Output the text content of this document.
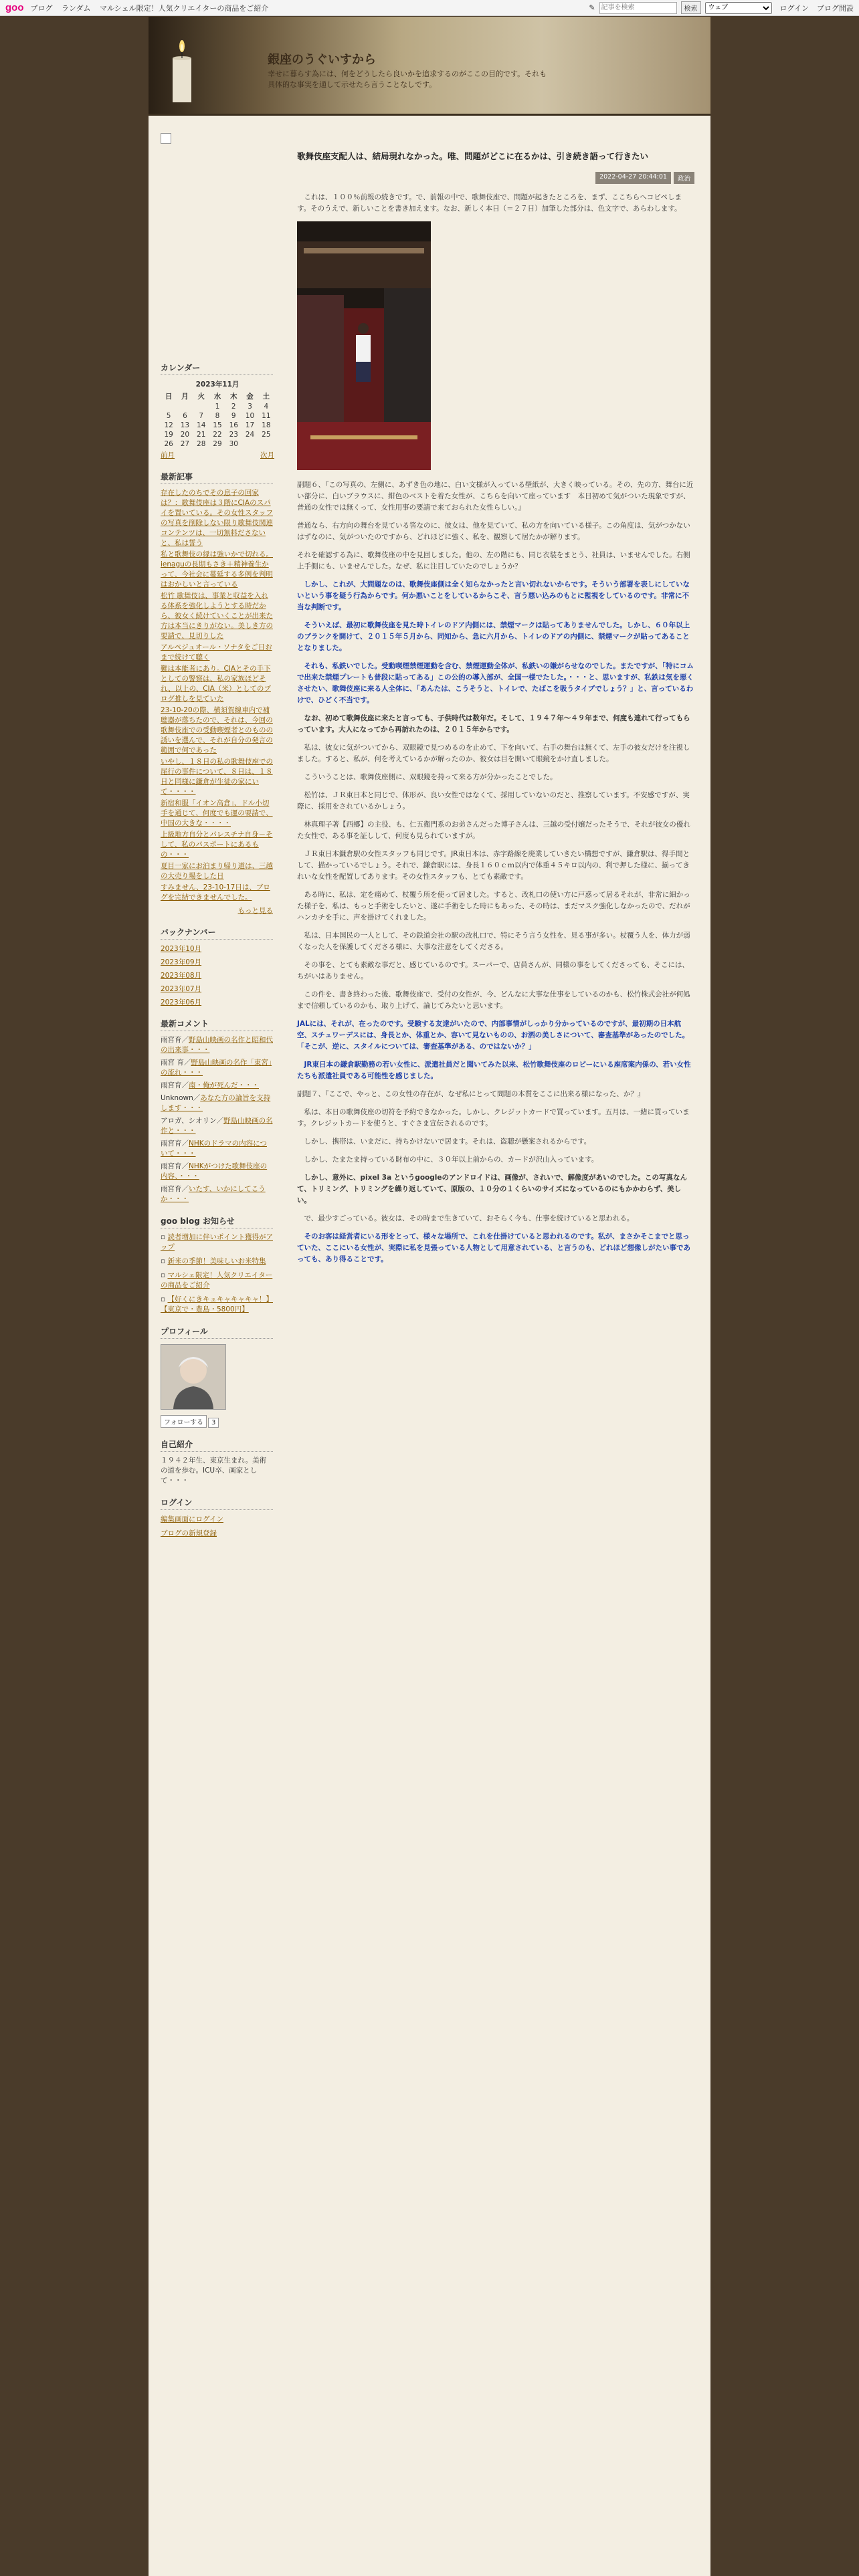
goo ブログ ランダム マルシェル限定！人気クリエイターの商品をご紹介	✎
記事を検索	検索
ウェブ	ログイン ブログ開設
銀座のうぐいすから
幸せに暮らす為には、何をどうしたら良いかを追求するのがここの目的です。それも具体的な事実を通して示せたら言うことなしです。
カレンダー
2023年11月
日	月	火	水	木	金	土
			1	2	3	4
5	6	7	8	9	10	11
12	13	14	15	16	17	18
19	20	21	22	23	24	25
26	27	28	29	30		
前月	次月
最新記事
存在したのちでその息子の回家は？：歌舞伎座は３階にCIAのスパイを置いている。その女性スタッフの写真を削除しない限り歌舞伎関連コンテンツは、一切無料ださないと、私は誓う
私と歌舞伎の縁は強いかで切れる。ienaguの長期もさき＋精神養生かって、今社会に蔓延する多例を判明はおかしいと言っている
松竹 歌舞伎は、事業と収益を入れる体系を強化しようとする時だから、彼女く続けていくことが出来た方は本当にきりがない。美しき方の要請で、見切りした
アルペジュオール・ソナタをご日おまで続けて聴く
難は本能者にあり。CIAとその手下としての警察は、私の家族ほどそれ、以上の、CIA（米）としてのブログ推しを見ていた
23-10-20の際、横須賀線車内で補聴器が落ちたので、それは、今回の歌舞伎座での受動喫煙者とのものの誘いを選んで、それが自分の発言の範囲で何であった
いやし、１８日の私の歌舞伎座での尾行の事件について、８日は、１８日と同様に鎌倉が生徒の家にいて・・・・
新宿和服「イオン高倉」、ドル小切手を通じて、何度でも運の要請で、中国の大きな・・・・
上級地方自分とパレスチナ自身－そして、私のパスポートにあるもの・・・
夏目一家にお泊まり帰り道は、三越の大売り場をした日
すみません、23-10-17日は、ブログを完結できませんでした。
もっと見る
バックナンバー
2023年10月
2023年09月
2023年08月
2023年07月
2023年06月
最新コメント
雨宮育／野島山映画の名作と昭和代の出来事・・・
雨宮 育／野島山映画の名作「東宮」の流れ・・・
雨宮育／南・俺が死んだ・・・
Unknown／あなた方の論旨を支持します・・・
アロガ、シオリン／野島山映画の名作と・・・
雨宮育／NHKのドラマの内容について・・・
雨宮育／NHKがつけた歌舞伎座の内容、・・・
雨宮育／いたす、いかにしてこうか・・・
goo blog お知らせ
▫ 読者増加に伴いポイント獲得がアップ
▫ 新米の季節！美味しいお米特集
▫ マルシェ限定！人気クリエイターの商品をご紹介
▫ 【好くにきキュキャキャキャ！】【東京で・豊島・5800円】
プロフィール
フォローする 3
自己紹介
１９４２年生、東京生まれ。美術の道を歩む。ICU卒、画家として・・・
ログイン
編集画面にログイン
ブログの新規登録
歌舞伎座支配人は、結局現れなかった。唯、問題がどこに在るかは、引き続き語って行きたい
2022-04-27 20:44:01	政治

　これは、１００％前報の続きです。で、前報の中で、歌舞伎座で、問題が起きたところを、まず、ここちらへコピペします。そのうえで、新しいことを書き加えます。なお、新しく本日（＝２７日）加筆した部分は、色文字で、あらわします。

副題６、『この写真の、左側に、あずき色の地に、白い文様が入っている壁紙が、大きく映っている。その、先の方、舞台に近い部分に、白いブラウスに、紺色のベストを着た女性が、こちらを向いて座っています　本日初めて気がついた現象ですが、普通の女性では無くって、女性用事の要請で来ておられた女性らしい。』

普通なら、右方向の舞台を見ている筈なのに、彼女は、他を見ていて、私の方を向いている様子。この角度は、気がつかないはずなのに、気がついたのですから、どれほどに強く、私を、観察して居たかが解ります。

それを確認する為に、歌舞伎座の中を見回しました。他の、左の階にも、同じ衣装をまとう、社員は、いませんでした。右側上手側にも、いませんでした。なぜ、私に注目していたのでしょうか？

　しかし、これが、大問題なのは、歌舞伎座側は全く知らなかったと言い切れないからです。そういう部署を表しにしていないという事を疑う行為からです。何か悪いことをしているからこそ、言う悪い込みのもとに監視をしているのです。非常に不当な判断です。

　そういえば、最初に歌舞伎座を見た時トイレのドア内側には、禁煙マークは貼ってありませんでした。しかし、６０年以上のブランクを開けて、２０１５年５月から、同知から、急に六月から、トイレのドアの内側に、禁煙マークが貼ってあることとなりました。

　それも、私鉄いでした。受動喫煙禁煙運動を含む、禁煙運動全体が、私鉄いの嫌がらせなのでした。またですが、「特にコムで出来た禁煙プレートも普段に貼ってある」この公的の導入部が、全国一様でたした。・・・と、思いますが、私鉄は気を悪くさせたい、歌舞伎座に来る人全体に、「あんたは、こうそうと、トイレで、たばこを吸うタイプでしょう？」と、言っているわけで、ひどく不当です。

　なお、初めて歌舞伎座に来たと言っても、子供時代は数年だ。そして、１９４７年〜４９年まで、何度も連れて行ってもらっています。大人になってから再訪れたのは、２０１５年からです。

　私は、彼女に気がついてから、双眼鏡で見つめるのを止めて、下を向いて、右手の舞台は無くて、左手の彼女だけを注視しました。すると、私が、何を考えているかが解ったのか、彼女は目を開いて眼鏡をかけ直しました。

　こういうことは、歌舞伎座側に、双眼鏡を持って来る方が分かったことでした。

　松竹は、ＪＲ東日本と同じで、体形が、良い女性ではなくて、採用していないのだと、推察しています。不安感ですが、実際に、採用をされているかしょう。

　林真理子著【西郷】の主役、も、仁五衛門系のお弟さんだった博子さんは、三越の受付嬢だったそうで、それが彼女の優れた女性で、ある事を証しして、何度も見られていますが。

　ＪＲ東日本鎌倉駅の女性スタッフも同じです。JR東日本は、赤字路線を廃業していきたい構想ですが、鎌倉駅は、得手間として、描かっているでしょう。それで、鎌倉駅には、身長１６０ｃｍ以内で体重４５キロ以内の、利で押した様に、揃ってきれいな女性を配置してあります。その女性スタッフも、とても素敵です。

　ある時に、私は、定を痛めて、杖覆う所を使って居ました。すると、改札口の使い方に戸惑って居るそれが、非常に細かった様子を、私は、もっと手術をしたいと、遂に手術をした時にもあった、その時は、まだマスク強化しなかったので、だれがハンカチを手に、声を掛けてくれました。

　私は、日本国民の一人として、その鉄道会社の駅の改札口で、特にそう言う女性を、見る事が多い。杖覆う人を、体力が弱くなった人を保護してくださる様に、大事な注意をしてくださる。

　その事を、とても素敵な事だと、感じているのです。スーパーで、店員さんが、同様の事をしてくださっても、そこには、ちがいはありません。

　この件を、書き終わった後、歌舞伎座で、受付の女性が、今、どんなに大事な仕事をしているのかも、松竹株式会社が何処まで信頼しているのかも、取り上げて、論じてみたいと思います。

JALには、それが、在ったのです。受験する友達がいたので、内部事情がしっかり分かっているのですが、最初期の日本航空、スチュワーデスには、身長とか、体重とか、容いて見ないものの、お洒の美しさについて、審査基準があったのでした。「そこが、逆に、スタイルについては、審査基準がある、のではないか？」

　JR東日本の鎌倉駅勤務の若い女性に、派遣社員だと聞いてみた以来、松竹歌舞伎座のロビーにいる座席案内係の、若い女性たちも派遣社員である可能性を感じました。

副題７、『ここで、やっと、この女性の存在が、なぜ私にとって問題の本質をここに出来る様になった、か？』

　私は、本日の歌舞伎座の切符を予約できなかった。しかし、クレジットカードで買っています。五月は、一緒に買っています。クレジットカードを使うと、すぐさま宣伝されるのです。

　しかし、携帯は、いまだに、持ちかけないで居ます。それは、盗聴が懸案されるからです。

　しかし、たまたま持っている財布の中に、３０年以上前からの、カードが沢山入っています。

　しかし、意外に、pixel 3a というgoogleのアンドロイドは、画像が、されいで、解像度があいのでした。この写真なんて、トリミング、トリミングを繰り返していて、原版の、１０分の１くらいのサイズになっているのにもかかわらず、美しい。

　で、最少すごっている。彼女は、その時まで生きていて、おそらく今も、仕事を続けていると思われる。

　そのお客は経営者にいる形をとって、様々な場所で、これを仕掛けていると思われるのです。私が、まさかそこまでと思っていた、ここにいる女性が、実際に私を見張っている人物として用意されている、と言うのも、どれほど想像しがたい事であっても、あり得ることです。
